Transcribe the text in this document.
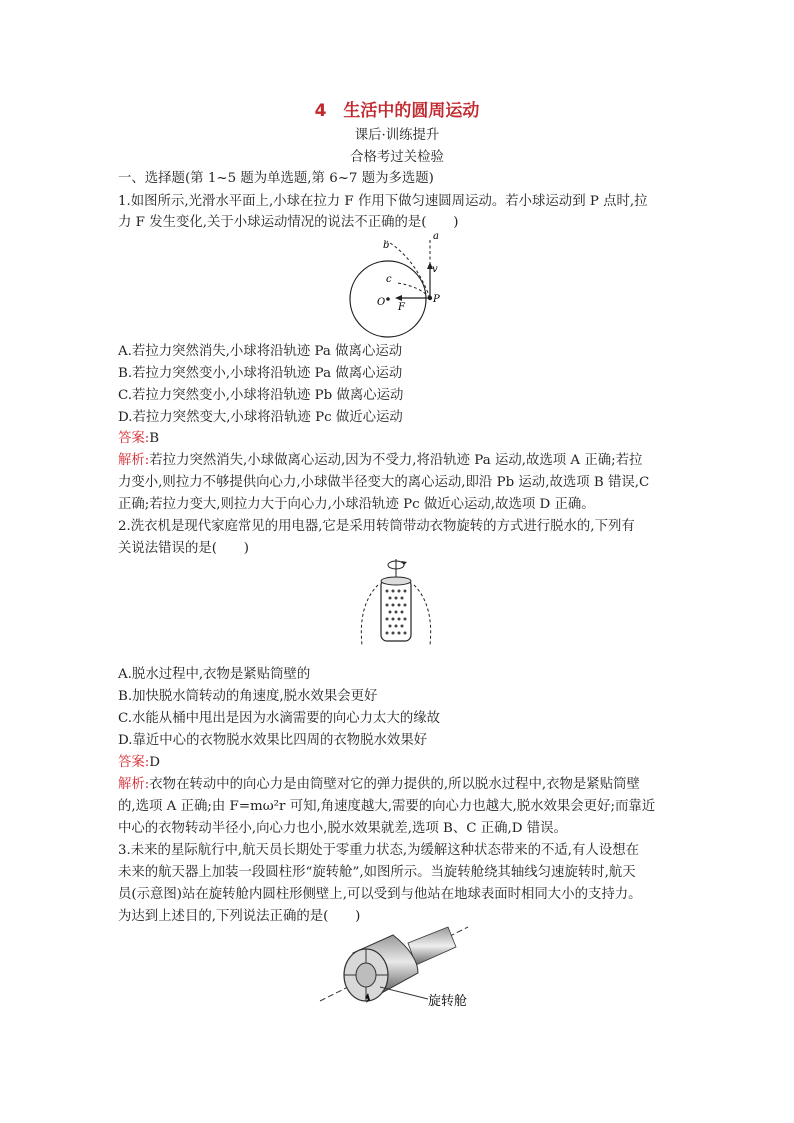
4　生活中的圆周运动
课后·训练提升
合格考过关检验
一、选择题(第 1~5 题为单选题,第 6~7 题为多选题)
1.如图所示,光滑水平面上,小球在拉力 F 作用下做匀速圆周运动。若小球运动到 P 点时,拉
力 F 发生变化,关于小球运动情况的说法不正确的是(　　)
a
b
c
v
O F
P
A.若拉力突然消失,小球将沿轨迹 Pa 做离心运动
B.若拉力突然变小,小球将沿轨迹 Pa 做离心运动
C.若拉力突然变小,小球将沿轨迹 Pb 做离心运动
D.若拉力突然变大,小球将沿轨迹 Pc 做近心运动
答案:B
解析:若拉力突然消失,小球做离心运动,因为不受力,将沿轨迹 Pa 运动,故选项 A 正确;若拉
力变小,则拉力不够提供向心力,小球做半径变大的离心运动,即沿 Pb 运动,故选项 B 错误,C
正确;若拉力变大,则拉力大于向心力,小球沿轨迹 Pc 做近心运动,故选项 D 正确。
2.洗衣机是现代家庭常见的用电器,它是采用转筒带动衣物旋转的方式进行脱水的,下列有
关说法错误的是(　　)
A.脱水过程中,衣物是紧贴筒壁的
B.加快脱水筒转动的角速度,脱水效果会更好
C.水能从桶中甩出是因为水滴需要的向心力太大的缘故
D.靠近中心的衣物脱水效果比四周的衣物脱水效果好
答案:D
解析:衣物在转动中的向心力是由筒壁对它的弹力提供的,所以脱水过程中,衣物是紧贴筒壁
的,选项 A 正确;由 F=mω²r 可知,角速度越大,需要的向心力也越大,脱水效果会更好;而靠近
中心的衣物转动半径小,向心力也小,脱水效果就差,选项 B、C 正确,D 错误。
3.未来的星际航行中,航天员长期处于零重力状态,为缓解这种状态带来的不适,有人设想在
未来的航天器上加装一段圆柱形“旋转舱”,如图所示。当旋转舱绕其轴线匀速旋转时,航天
员(示意图)站在旋转舱内圆柱形侧壁上,可以受到与他站在地球表面时相同大小的支持力。
为达到上述目的,下列说法正确的是(　　)
旋转舱
